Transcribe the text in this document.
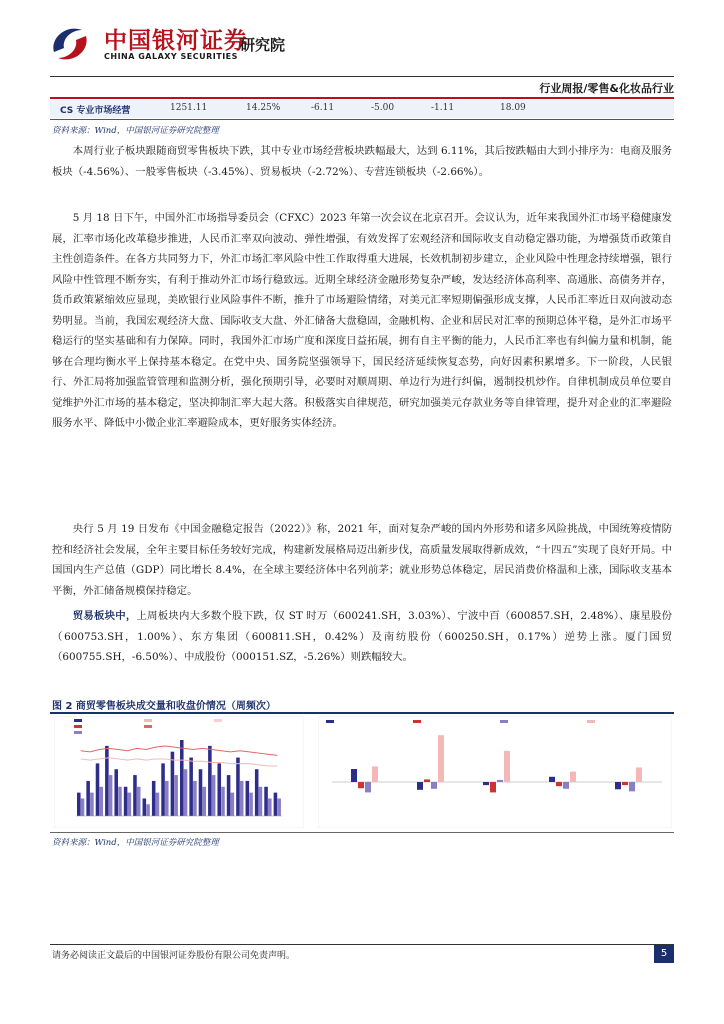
中国银河证券
研究院
CHINA GALAXY SECURITIES
行业周报/零售&化妆品行业
CS 专业市场经营	1251.11	14.25%	-6.11	-5.00	-1.11	18.09
资料来源：Wind，中国银河证券研究院整理

本周行业子板块跟随商贸零售板块下跌，其中专业市场经营板块跌幅最大，达到 6.11%，其后按跌幅由大到小排序为：电商及服务板块（-4.56%）、一般零售板块（-3.45%）、贸易板块（-2.72%）、专营连锁板块（-2.66%）。

5 月 18 日下午，中国外汇市场指导委员会（CFXC）2023 年第一次会议在北京召开。会议认为，近年来我国外汇市场平稳健康发展，汇率市场化改革稳步推进，人民币汇率双向波动、弹性增强，有效发挥了宏观经济和国际收支自动稳定器功能，为增强货币政策自主性创造条件。在各方共同努力下，外汇市场汇率风险中性工作取得重大进展，长效机制初步建立，企业风险中性理念持续增强，银行风险中性管理不断夯实，有利于推动外汇市场行稳致远。近期全球经济金融形势复杂严峻，发达经济体高利率、高通胀、高债务并存，货币政策紧缩效应显现，美欧银行业风险事件不断，推升了市场避险情绪，对美元汇率短期偏强形成支撑，人民币汇率近日双向波动态势明显。当前，我国宏观经济大盘、国际收支大盘、外汇储备大盘稳固，金融机构、企业和居民对汇率的预期总体平稳，是外汇市场平稳运行的坚实基础和有力保障。同时，我国外汇市场广度和深度日益拓展，拥有自主平衡的能力，人民币汇率也有纠偏力量和机制，能够在合理均衡水平上保持基本稳定。在党中央、国务院坚强领导下，国民经济延续恢复态势，向好因素积累增多。下一阶段，人民银行、外汇局将加强监管管理和监测分析，强化预期引导，必要时对顺周期、单边行为进行纠偏，遏制投机炒作。自律机制成员单位要自觉维护外汇市场的基本稳定，坚决抑制汇率大起大落。积极落实自律规范，研究加强美元存款业务等自律管理，提升对企业的汇率避险服务水平、降低中小微企业汇率避险成本，更好服务实体经济。

央行 5 月 19 日发布《中国金融稳定报告（2022）》称，2021 年，面对复杂严峻的国内外形势和诸多风险挑战，中国统筹疫情防控和经济社会发展，全年主要目标任务较好完成，构建新发展格局迈出新步伐，高质量发展取得新成效，“十四五”实现了良好开局。中国国内生产总值（GDP）同比增长 8.4%，在全球主要经济体中名列前茅；就业形势总体稳定，居民消费价格温和上涨，国际收支基本平衡，外汇储备规模保持稳定。

贸易板块中，上周板块内大多数个股下跌，仅 ST 时万（600241.SH，3.03%）、宁波中百（600857.SH，2.48%）、康星股份（600753.SH，1.00%）、东方集团（600811.SH，0.42%）及南纺股份（600250.SH，0.17%）逆势上涨。厦门国贸（600755.SH，-6.50%）、中成股份（000151.SZ，-5.26%）则跌幅较大。

图 2 商贸零售板块成交量和收盘价情况（周频次）
资料来源：Wind，中国银河证券研究院整理
请务必阅读正文最后的中国银河证券股份有限公司免责声明。	5
